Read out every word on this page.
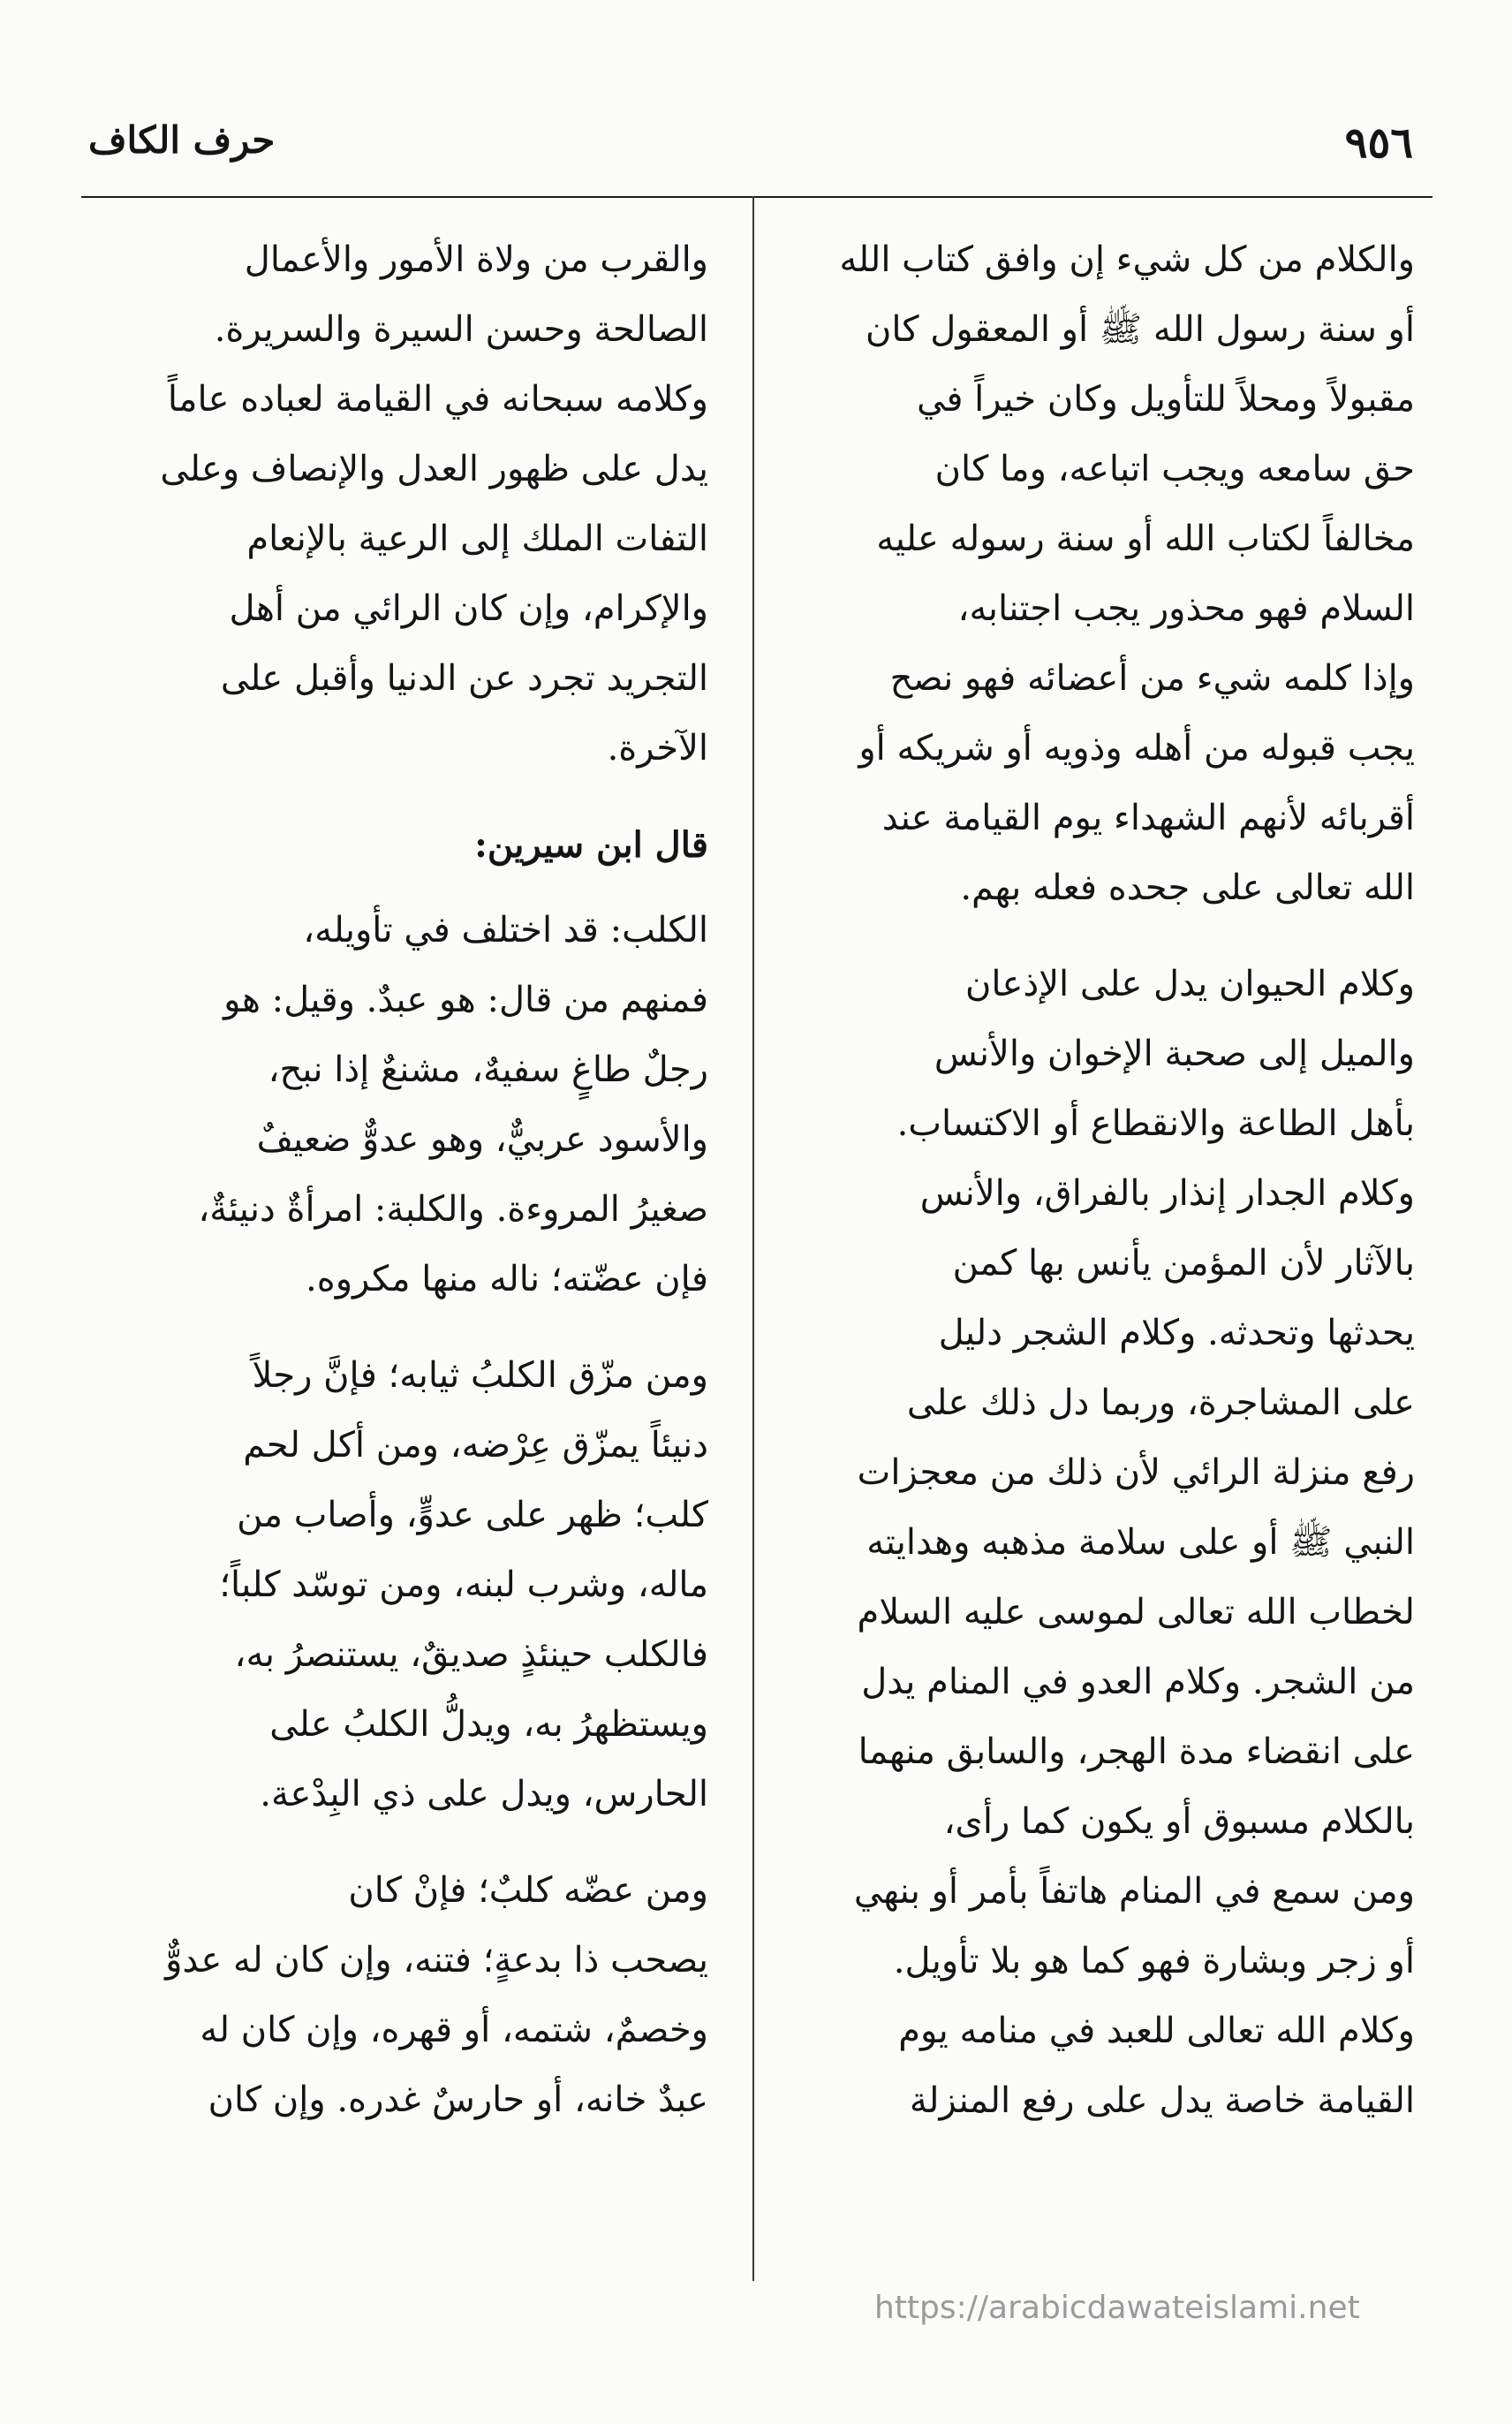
٩٥٦
حرف الكاف

والكلام من كل شيء إن وافق كتاب الله
أو سنة رسول الله ﷺ أو المعقول كان
مقبولاً ومحلاً للتأويل وكان خيراً في
حق سامعه ويجب اتباعه، وما كان
مخالفاً لكتاب الله أو سنة رسوله عليه
السلام فهو محذور يجب اجتنابه،
وإذا كلمه شيء من أعضائه فهو نصح
يجب قبوله من أهله وذويه أو شريكه أو
أقربائه لأنهم الشهداء يوم القيامة عند
الله تعالى على جحده فعله بهم.

وكلام الحيوان يدل على الإذعان
والميل إلى صحبة الإخوان والأنس
بأهل الطاعة والانقطاع أو الاكتساب.
وكلام الجدار إنذار بالفراق، والأنس
بالآثار لأن المؤمن يأنس بها كمن
يحدثها وتحدثه. وكلام الشجر دليل
على المشاجرة، وربما دل ذلك على
رفع منزلة الرائي لأن ذلك من معجزات
النبي ﷺ أو على سلامة مذهبه وهدايته
لخطاب الله تعالى لموسى عليه السلام
من الشجر. وكلام العدو في المنام يدل
على انقضاء مدة الهجر، والسابق منهما
بالكلام مسبوق أو يكون كما رأى،
ومن سمع في المنام هاتفاً بأمر أو بنهي
أو زجر وبشارة فهو كما هو بلا تأويل.
وكلام الله تعالى للعبد في منامه يوم
القيامة خاصة يدل على رفع المنزلة

والقرب من ولاة الأمور والأعمال
الصالحة وحسن السيرة والسريرة.
وكلامه سبحانه في القيامة لعباده عاماً
يدل على ظهور العدل والإنصاف وعلى
التفات الملك إلى الرعية بالإنعام
والإكرام، وإن كان الرائي من أهل
التجريد تجرد عن الدنيا وأقبل على
الآخرة.

قال ابن سيرين:

الكلب: قد اختلف في تأويله،
فمنهم من قال: هو عبدٌ. وقيل: هو
رجلٌ طاغٍ سفيهٌ، مشنعٌ إذا نبح،
والأسود عربيٌّ، وهو عدوٌّ ضعيفٌ
صغيرُ المروءة. والكلبة: امرأةٌ دنيئةٌ،
فإن عضّته؛ ناله منها مكروه.

ومن مزّق الكلبُ ثيابه؛ فإنَّ رجلاً
دنيئاً يمزّق عِرْضه، ومن أكل لحم
كلب؛ ظهر على عدوٍّ، وأصاب من
ماله، وشرب لبنه، ومن توسّد كلباً؛
فالكلب حينئذٍ صديقٌ، يستنصرُ به،
ويستظهرُ به، ويدلُّ الكلبُ على
الحارس، ويدل على ذي البِدْعة.

ومن عضّه كلبٌ؛ فإنْ كان
يصحب ذا بدعةٍ؛ فتنه، وإن كان له عدوٌّ
وخصمٌ، شتمه، أو قهره، وإن كان له
عبدٌ خانه، أو حارسٌ غدره. وإن كان

https://arabicdawateislami.net
